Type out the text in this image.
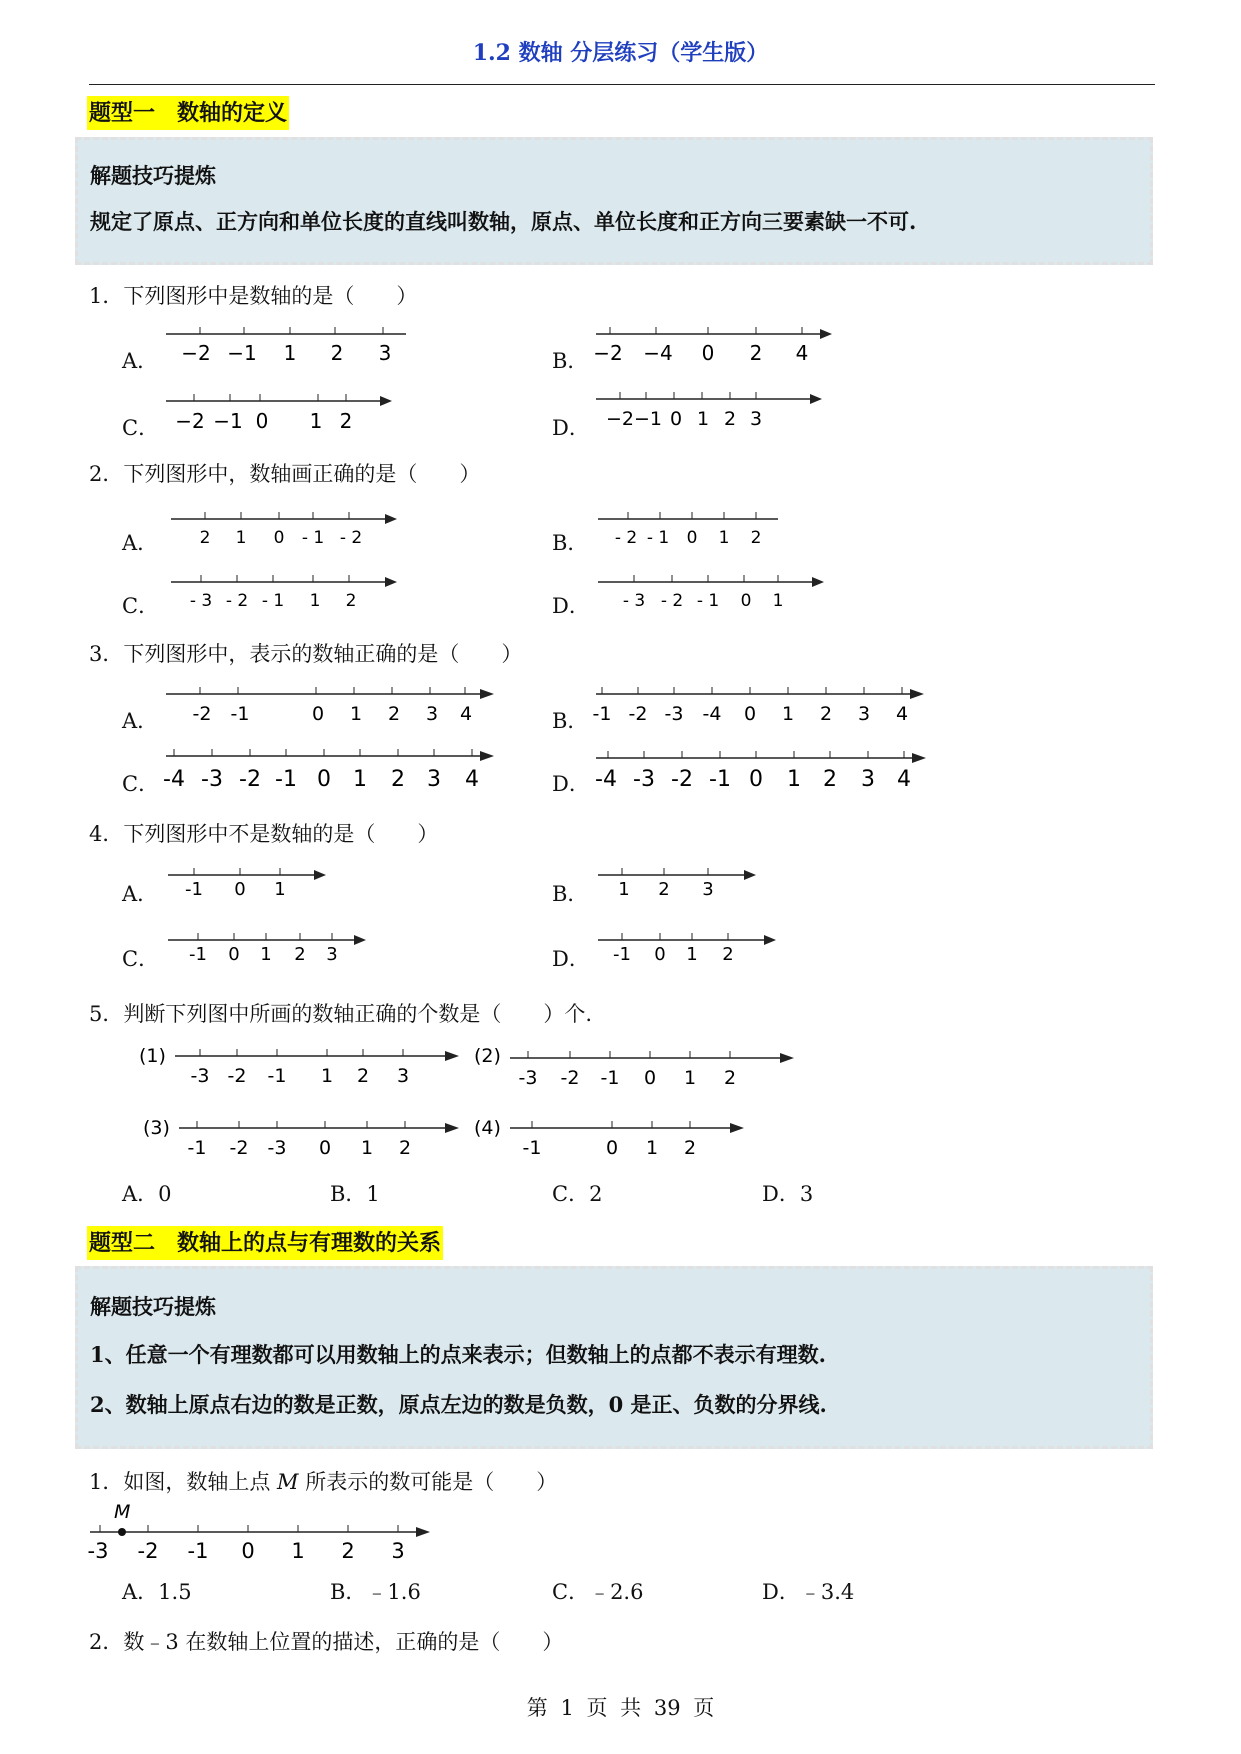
1.2 数轴 分层练习（学生版）
题型一　数轴的定义
解题技巧提炼
规定了原点、正方向和单位长度的直线叫数轴，原点、单位长度和正方向三要素缺一不可.
1．下列图形中是数轴的是（　　）
A． −2 −1 1 2 3	B． −2 −4 0 2 4
C． −2 −1 0 1 2	D． −2 −1 0 1 2 3
2．下列图形中，数轴画正确的是（　　）
2 1 0 - 1 - 2
A．	B． - 2 - 1 0 1 2
C． - 3 - 2 - 1 1 2	D． - 3 - 2 - 1 0 1
3．下列图形中，表示的数轴正确的是（　　）
A． -2 -1	0 1 2 3 4	B． -1 -2 -3 -4 0 1 2 3 4
C． -4 -3 -2 -1 0 1 2 3 4	D． -4 -3 -2 -1 0 1 2 3 4
4．下列图形中不是数轴的是（　　）
A． -1 0 1	B． 1 2 3
C． -1 0 1 2 3	D． -1 0 1 2
5．判断下列图中所画的数轴正确的个数是（　　）个.
(1)
-3 -2 -1 1 2 3
(2)
-3 -2 -1 0 1 2
(3)
-1 -2 -3 0 1 2
(4)
-1	0 1 2
A．0	B．1	C．2	D．3
题型二　数轴上的点与有理数的关系
解题技巧提炼
1、任意一个有理数都可以用数轴上的点来表示；但数轴上的点都不表示有理数.
2、数轴上原点右边的数是正数，原点左边的数是负数，0 是正、负数的分界线.
1．如图，数轴上点 M 所表示的数可能是（　　）
M
-3 -2 -1 0 1 2 3
A．1.5	B．﹣1.6	C．﹣2.6	D．﹣3.4
2．数﹣3 在数轴上位置的描述，正确的是（　　）
第 1 页 共 39 页
